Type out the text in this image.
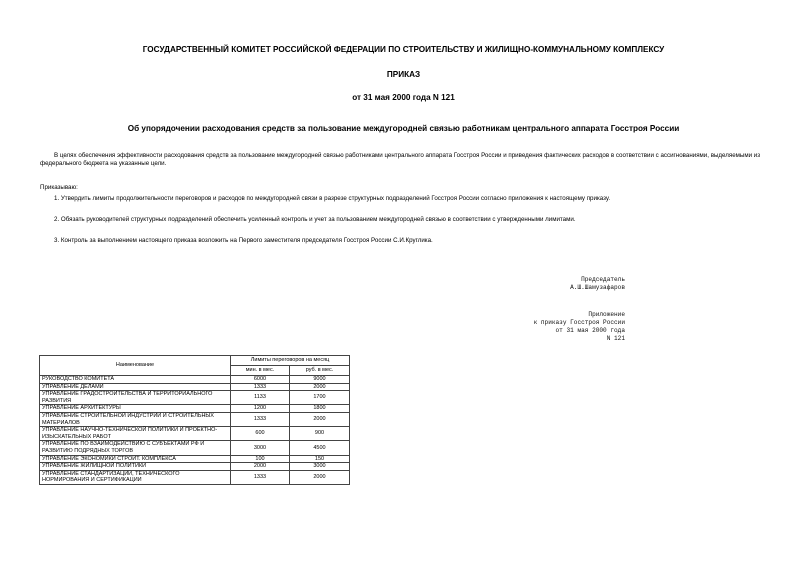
ГОСУДАРСТВЕННЫЙ КОМИТЕТ РОССИЙСКОЙ ФЕДЕРАЦИИ ПО СТРОИТЕЛЬСТВУ И ЖИЛИЩНО-КОММУНАЛЬНОМУ КОМПЛЕКСУ
ПРИКАЗ
от 31 мая 2000 года N 121
Об упорядочении расходования средств за пользование междугородней связью работникам центрального аппарата Госстроя России
В целях обеспечения эффективности расходования средств за пользование междугородней связью работниками центрального аппарата Госстроя России и приведения фактических расходов в соответствии с ассигнованиями, выделяемыми из федерального бюджета на указанные цели.
Приказываю:
1. Утвердить лимиты продолжительности переговоров и расходов по междугородней связи в разрезе структурных подразделений Госстроя России согласно приложения к настоящему приказу.
2. Обязать руководителей структурных подразделений обеспечить усиленный контроль и учет за пользованием междугородней связью в соответствии с утвержденными лимитами.
3. Контроль за выполнением настоящего приказа возложить на Первого заместителя председателя Госстроя России С.И.Круглика.
Председатель
А.Ш.Шамузафаров
Приложение
к приказу Госстроя России
от 31 мая 2000 года
N 121
Наименование	Лимиты переговоров на месяц	
	мин. в мес.	руб. в мес.
РУКОВОДСТВО КОМИТЕТА	6000	9000
УПРАВЛЕНИЕ ДЕЛАМИ	1333	2000
УПРАВЛЕНИЕ ГРАДОСТРОИТЕЛЬСТВА И ТЕРРИТОРИАЛЬНОГО РАЗВИТИЯ	1133	1700
УПРАВЛЕНИЕ АРХИТЕКТУРЫ	1200	1800
УПРАВЛЕНИЕ СТРОИТЕЛЬНОЙ ИНДУСТРИИ И СТРОИТЕЛЬНЫХ МАТЕРИАЛОВ	1333	2000
УПРАВЛЕНИЕ НАУЧНО-ТЕХНИЧЕСКОЙ ПОЛИТИКИ И ПРОЕКТНО-ИЗЫСКАТЕЛЬНЫХ РАБОТ	600	900
УПРАВЛЕНИЕ ПО ВЗАИМОДЕЙСТВИЮ С СУБЪЕКТАМИ РФ И РАЗВИТИЮ ПОДРЯДНЫХ ТОРГОВ	3000	4500
УПРАВЛЕНИЕ ЭКОНОМИКИ СТРОИТ. КОМПЛЕКСА	100	150
УПРАВЛЕНИЕ ЖИЛИЩНОЙ ПОЛИТИКИ	2000	3000
УПРАВЛЕНИЕ СТАНДАРТИЗАЦИИ, ТЕХНИЧЕСКОГО НОРМИРОВАНИЯ И СЕРТИФИКАЦИИ	1333	2000
